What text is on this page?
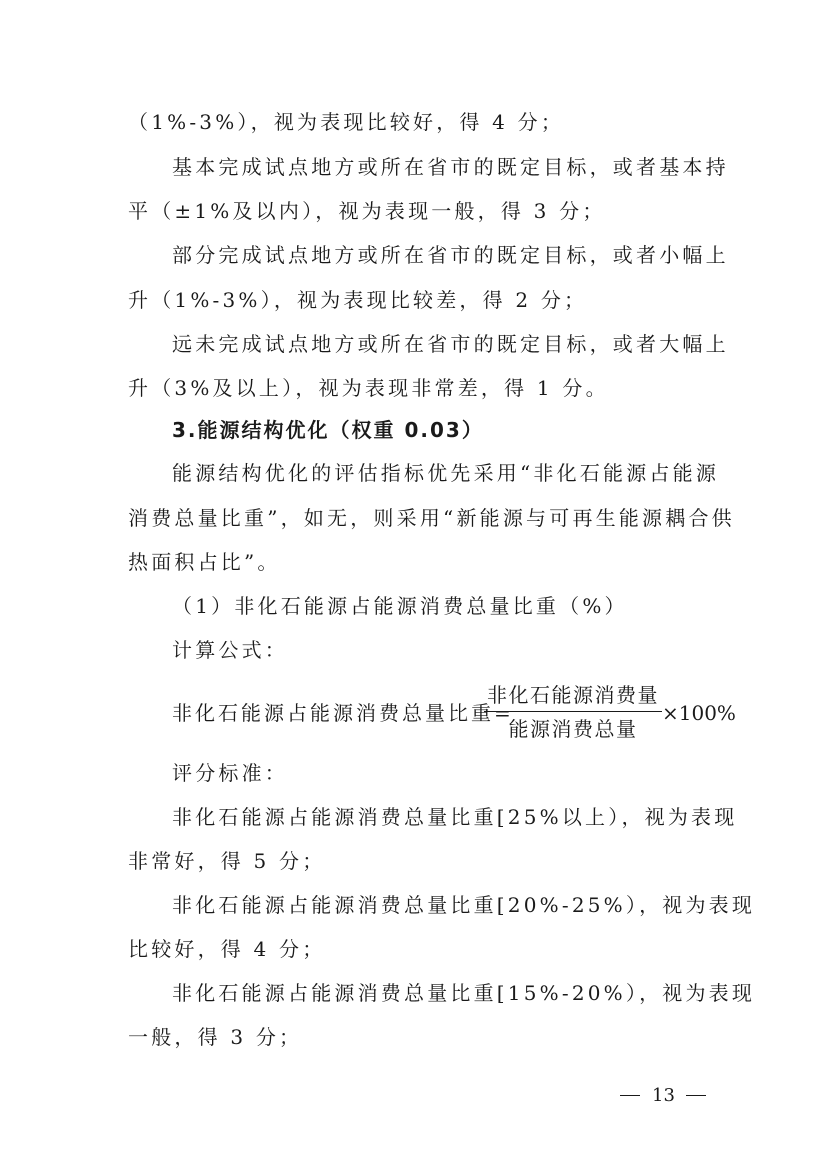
（1%-3%），视为表现比较好，得 4 分；
基本完成试点地方或所在省市的既定目标，或者基本持
平（±1%及以内），视为表现一般，得 3 分；
部分完成试点地方或所在省市的既定目标，或者小幅上
升（1%-3%），视为表现比较差，得 2 分；
远未完成试点地方或所在省市的既定目标，或者大幅上
升（3%及以上），视为表现非常差，得 1 分。
3.能源结构优化（权重 0.03）
能源结构优化的评估指标优先采用“非化石能源占能源
消费总量比重”，如无，则采用“新能源与可再生能源耦合供
热面积占比”。
（1）非化石能源占能源消费总量比重（%）
计算公式：
非化石能源占能源消费总量比重=
非化石能源消费量
能源消费总量
×100%
评分标准：
非化石能源占能源消费总量比重[25%以上），视为表现
非常好，得 5 分；
非化石能源占能源消费总量比重[20%-25%），视为表现
比较好，得 4 分；
非化石能源占能源消费总量比重[15%-20%），视为表现
一般，得 3 分；
13
